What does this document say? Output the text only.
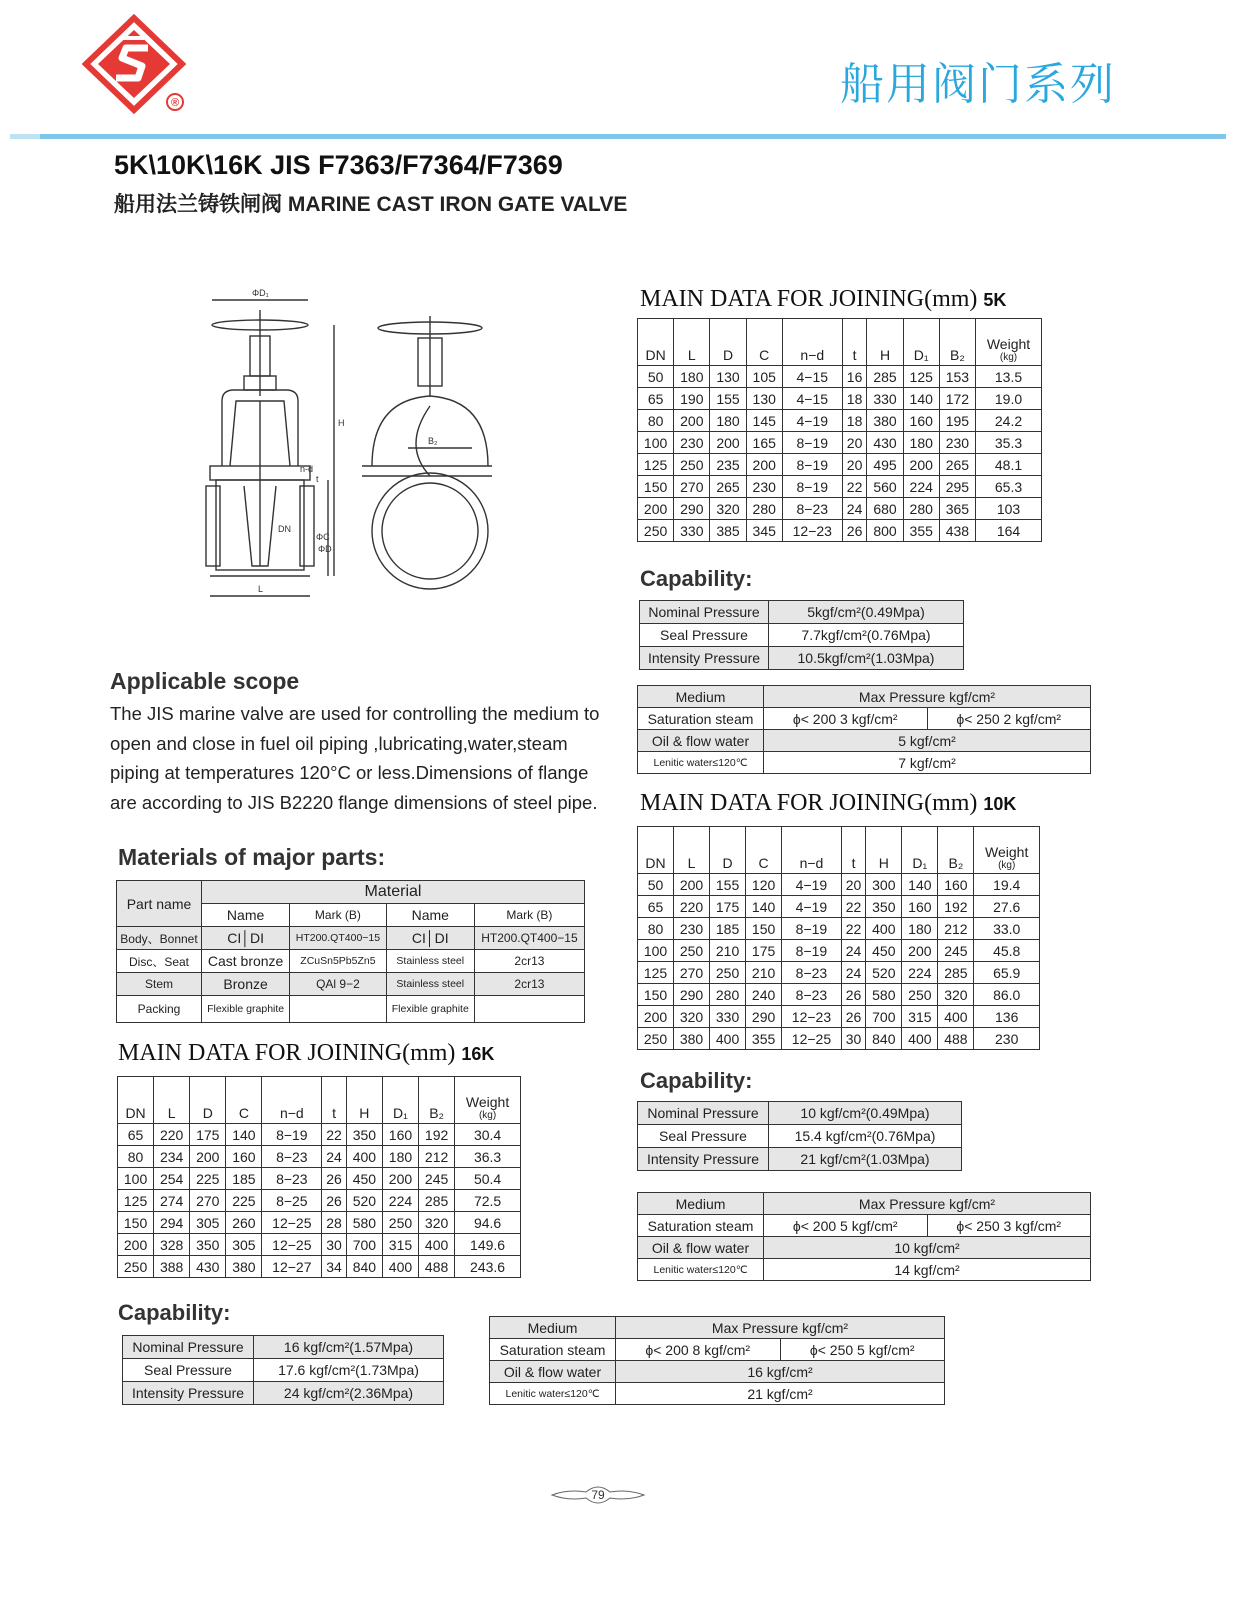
®	船用阀门系列
5K\10K\16K JIS F7363/F7364/F7369
船用法兰铸铁闸阀 MARINE CAST IRON GATE VALVE
ΦD₁
H
B₂
n-d
DN
ΦC
ΦD
L
t
Applicable scope
The JIS marine valve are used for controlling the medium to open and close in fuel oil piping ,lubricating,water,steam piping at temperatures 120°C or less.Dimensions of flange are according to JIS B2220 flange dimensions of steel pipe.
Materials of major parts:
Part name	Material			
	Name	Mark (B)	Name	Mark (B)
Body、Bonnet	CI│DI	HT200.QT400−15	CI│DI	HT200.QT400−15
Disc、Seat	Cast bronze	ZCuSn5Pb5Zn5	Stainless steel	2cr13
Stem	Bronze	QAl 9−2	Stainless steel	2cr13
Packing	Flexible graphite		Flexible graphite	
MAIN DATA FOR JOINING(mm) 16K
MAIN DATA FOR JOINING(mm) 5K
MAIN DATA FOR JOINING(mm) 10K
Capability:
Capability:
Capability:
DN	L	D	C	n−d	t	H	D₁	B₂	Weight
(kg)

50	180	130	105	4−15	16	285	125	153	13.5
65	190	155	130	4−15	18	330	140	172	19.0
80	200	180	145	4−19	18	380	160	195	24.2
100	230	200	165	8−19	20	430	180	230	35.3
125	250	235	200	8−19	20	495	200	265	48.1
150	270	265	230	8−19	22	560	224	295	65.3
200	290	320	280	8−23	24	680	280	365	103
250	330	385	345	12−23	26	800	355	438	164
DN	L	D	C	n−d	t	H	D₁	B₂	Weight
(kg)

50	200	155	120	4−19	20	300	140	160	19.4
65	220	175	140	4−19	22	350	160	192	27.6
80	230	185	150	8−19	22	400	180	212	33.0
100	250	210	175	8−19	24	450	200	245	45.8
125	270	250	210	8−23	24	520	224	285	65.9
150	290	280	240	8−23	26	580	250	320	86.0
200	320	330	290	12−23	26	700	315	400	136
250	380	400	355	12−25	30	840	400	488	230
DN	L	D	C	n−d	t	H	D₁	B₂	Weight
(kg)

65	220	175	140	8−19	22	350	160	192	30.4
80	234	200	160	8−23	24	400	180	212	36.3
100	254	225	185	8−23	26	450	200	245	50.4
125	274	270	225	8−25	26	520	224	285	72.5
150	294	305	260	12−25	28	580	250	320	94.6
200	328	350	305	12−25	30	700	315	400	149.6
250	388	430	380	12−27	34	840	400	488	243.6
Nominal Pressure	5kgf/cm²(0.49Mpa)
Seal Pressure	7.7kgf/cm²(0.76Mpa)
Intensity Pressure	10.5kgf/cm²(1.03Mpa)
Nominal Pressure	10 kgf/cm²(0.49Mpa)
Seal Pressure	15.4 kgf/cm²(0.76Mpa)
Intensity Pressure	21 kgf/cm²(1.03Mpa)
Nominal Pressure	16 kgf/cm²(1.57Mpa)
Seal Pressure	17.6 kgf/cm²(1.73Mpa)
Intensity Pressure	24 kgf/cm²(2.36Mpa)
Medium	Max Pressure kgf/cm²	
Saturation steam	ϕ< 200 3 kgf/cm²	ϕ< 250 2 kgf/cm²
Oil & flow water	5 kgf/cm²	
Lenitic water≤120℃	7 kgf/cm²	
Medium	Max Pressure kgf/cm²	
Saturation steam	ϕ< 200 5 kgf/cm²	ϕ< 250 3 kgf/cm²
Oil & flow water	10 kgf/cm²	
Lenitic water≤120℃	14 kgf/cm²	
Medium	Max Pressure kgf/cm²	
Saturation steam	ϕ< 200 8 kgf/cm²	ϕ< 250 5 kgf/cm²
Oil & flow water	16 kgf/cm²	
Lenitic water≤120℃	21 kgf/cm²	
79
